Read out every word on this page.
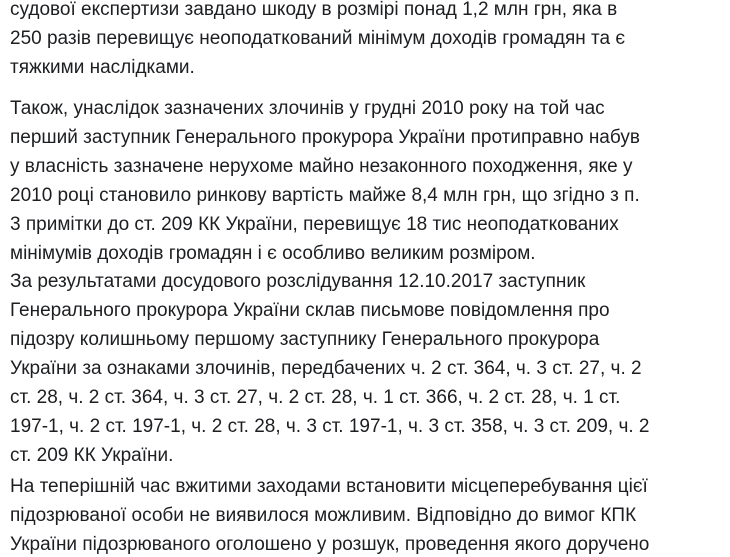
судової експертизи завдано шкоду в розмірі понад 1,2 млн грн, яка в
250 разів перевищує неоподаткований мінімум доходів громадян та є
тяжкими наслідками.

Також, унаслідок зазначених злочинів у грудні 2010 року на той час
перший заступник Генерального прокурора України протиправно набув
у власність зазначене нерухоме майно незаконного походження, яке у
2010 році становило ринкову вартість майже 8,4 млн грн, що згідно з п.
3 примітки до ст. 209 КК України, перевищує 18 тис неоподаткованих
мінімумів доходів громадян і є особливо великим розміром.

За результатами досудового розслідування 12.10.2017 заступник
Генерального прокурора України склав письмове повідомлення про
підозру колишньому першому заступнику Генерального прокурора
України за ознаками злочинів, передбачених ч. 2 ст. 364, ч. 3 ст. 27, ч. 2
ст. 28, ч. 2 ст. 364, ч. 3 ст. 27, ч. 2 ст. 28, ч. 1 ст. 366, ч. 2 ст. 28, ч. 1 ст.
197-1, ч. 2 ст. 197-1, ч. 2 ст. 28, ч. 3 ст. 197-1, ч. 3 ст. 358, ч. 3 ст. 209, ч. 2
ст. 209 КК України.

На теперішній час вжитими заходами встановити місцеперебування цієї
підозрюваної особи не виявилося можливим. Відповідно до вимог КПК
України підозрюваного оголошено у розшук, проведення якого доручено
